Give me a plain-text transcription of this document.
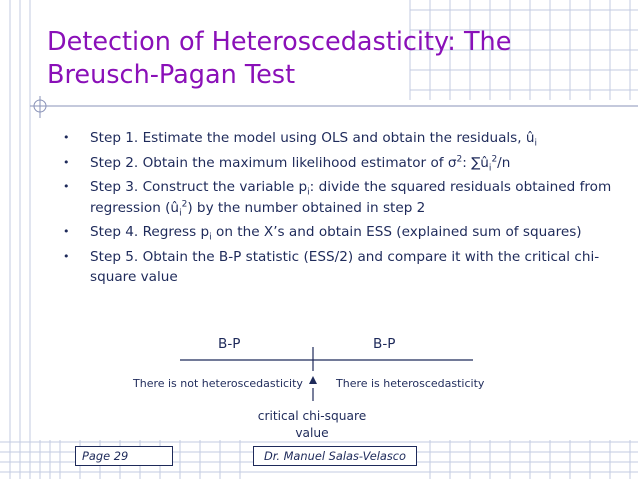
Detection of Heteroscedasticity: The Breusch-Pagan Test
• Step 1. Estimate the model using OLS and obtain the residuals, $û_i$
• Step 2. Obtain the maximum likelihood estimator of $\sigma^2$: $\sum û_i^2/n$
• Step 3. Construct the variable $p_i$: divide the squared residuals obtained from regression $(û_i^2)$ by the number obtained in step 2
• Step 4. Regress $p_i$ on the X’s and obtain ESS (explained sum of squares)
• Step 5. Obtain the B-P statistic (ESS/2) and compare it with the critical chi-square value
B-P	B-P
There is not heteroscedasticity	There is heteroscedasticity
critical chi-square value
Page 29	Dr. Manuel Salas-Velasco
